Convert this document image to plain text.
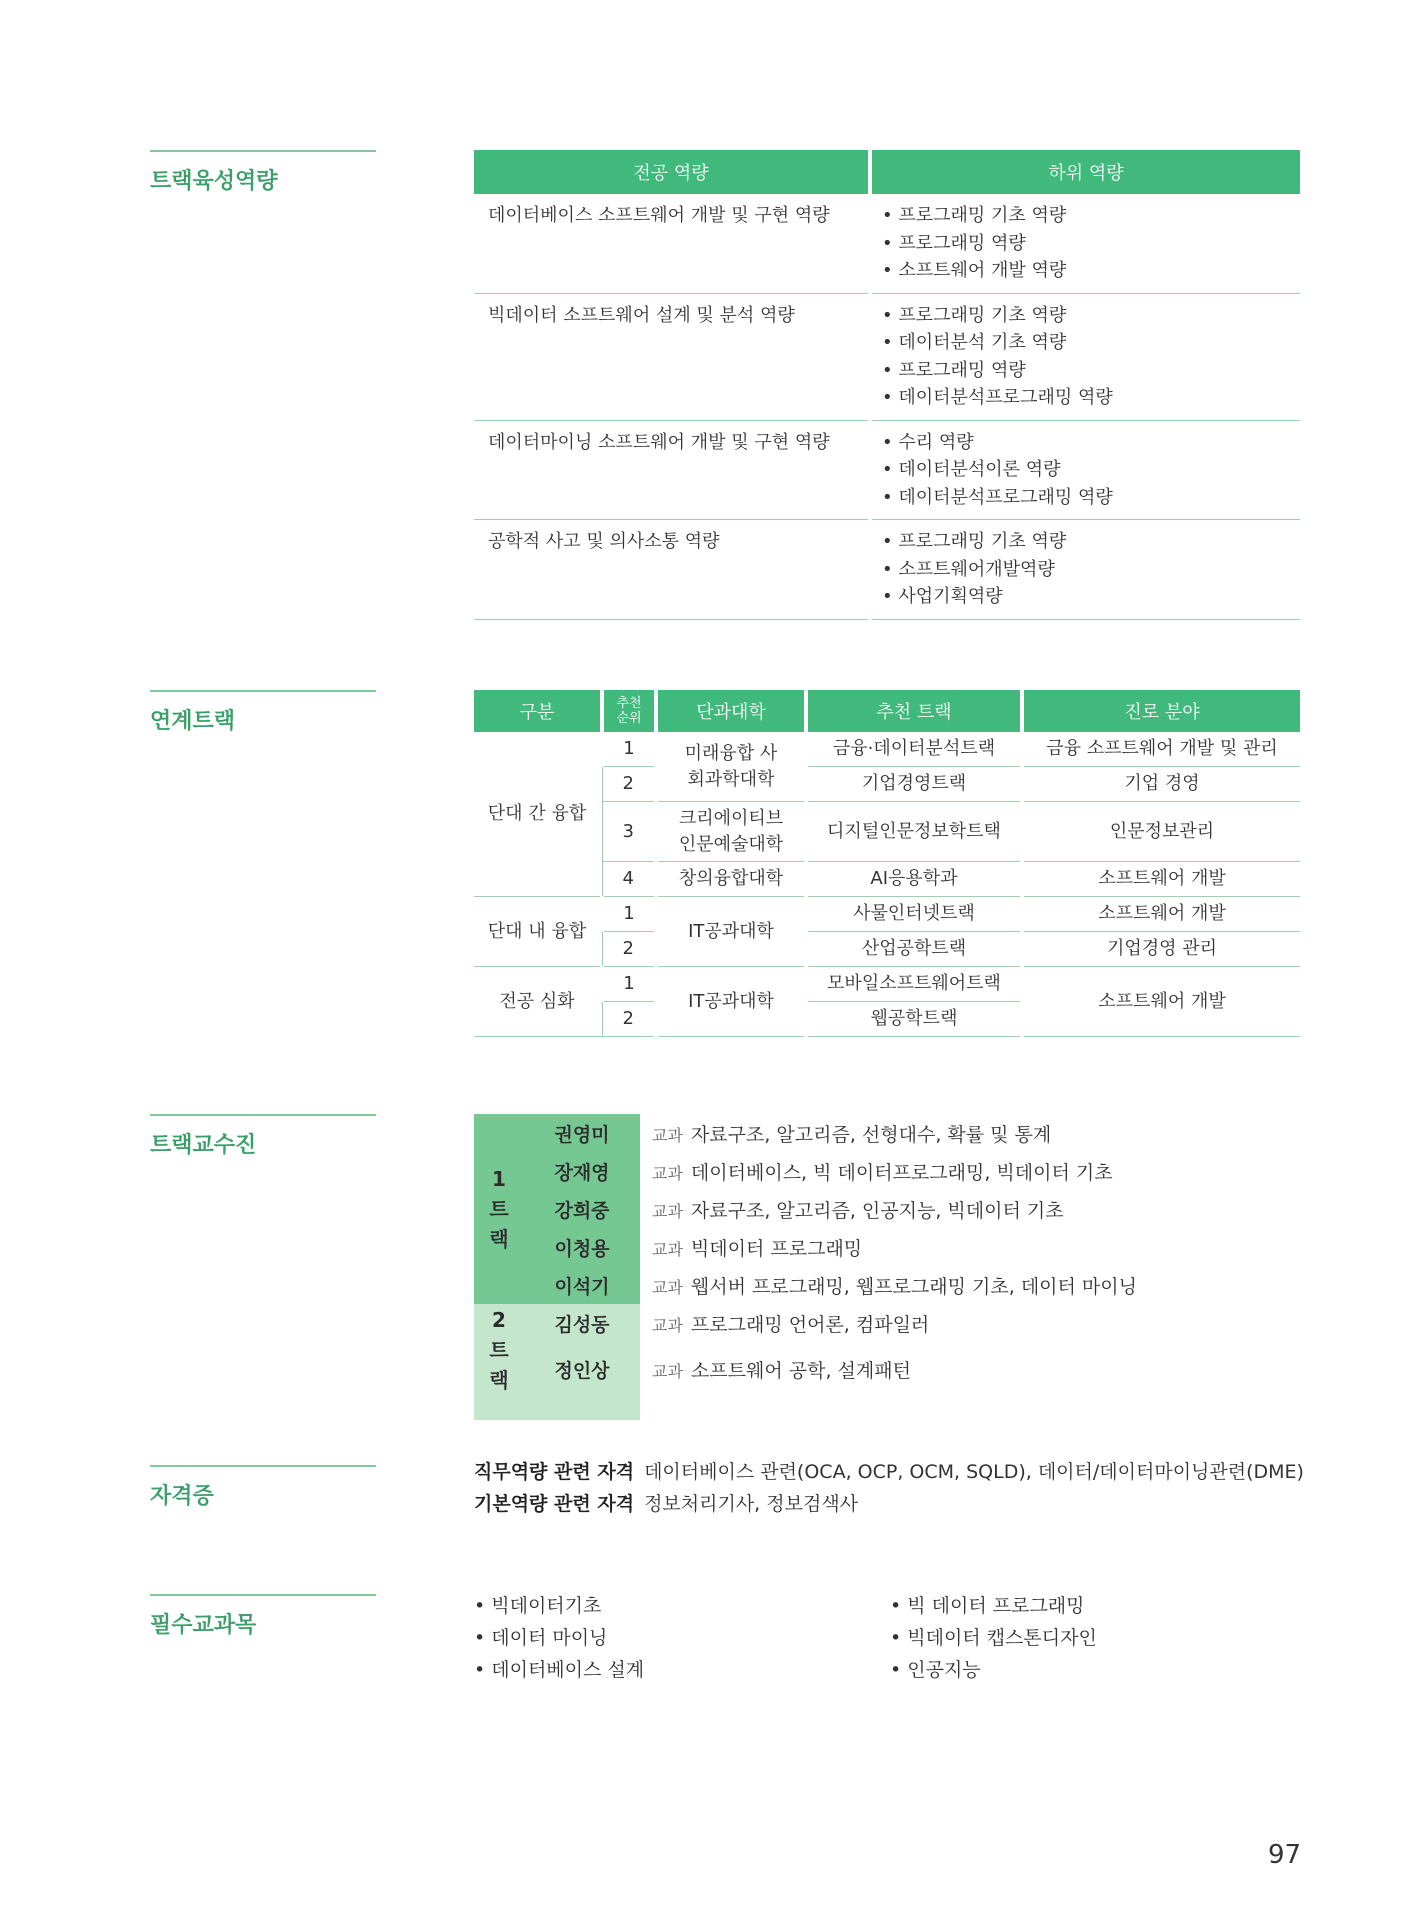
트랙육성역량
연계트랙
트랙교수진
자격증
필수교과목
전공 역량	하위 역량
데이터베이스 소프트웨어 개발 및 구현 역량	• 프로그래밍 기초 역량
• 프로그래밍 역량
• 소프트웨어 개발 역량

빅데이터 소프트웨어 설계 및 분석 역량	• 프로그래밍 기초 역량
• 데이터분석 기초 역량
• 프로그래밍 역량
• 데이터분석프로그래밍 역량

데이터마이닝 소프트웨어 개발 및 구현 역량	• 수리 역량
• 데이터분석이론 역량
• 데이터분석프로그래밍 역량

공학적 사고 및 의사소통 역량	• 프로그래밍 기초 역량
• 소프트웨어개발역량
• 사업기획역량
구분	추천 순위	단과대학	추천 트랙	진로 분야
단대 간 융합	1	미래융합 사회과학대학	금융·데이터분석트랙	금융 소프트웨어 개발 및 관리
	2		기업경영트랙	기업 경영
	3	크리에이티브 인문예술대학	디지털인문정보학트택	인문정보관리
	4	창의융합대학	AI응용학과	소프트웨어 개발
단대 내 융합	1	IT공과대학	사물인터넷트랙	소프트웨어 개발
	2		산업공학트랙	기업경영 관리
전공 심화	1	IT공과대학	모바일소프트웨어트랙	소프트웨어 개발
	2		웹공학트랙	
1 트 랙	권영미	교과 자료구조, 알고리즘, 선형대수, 확률 및 통계
	장재영	교과 데이터베이스, 빅 데이터프로그래밍, 빅데이터 기초
	강희중	교과 자료구조, 알고리즘, 인공지능, 빅데이터 기초
	이청용	교과 빅데이터 프로그래밍
	이석기	교과 웹서버 프로그래밍, 웹프로그래밍 기초, 데이터 마이닝

2 트 랙	김성동	교과 프로그래밍 언어론, 컴파일러
	정인상	교과 소프트웨어 공학, 설계패턴
직무역량 관련 자격 데이터베이스 관련(OCA, OCP, OCM, SQLD), 데이터/데이터마이닝관련(DME)
기본역량 관련 자격 정보처리기사, 정보검색사
• 빅데이터기초
• 데이터 마이닝
• 데이터베이스 설계
• 빅 데이터 프로그래밍
• 빅데이터 캡스톤디자인
• 인공지능
97
